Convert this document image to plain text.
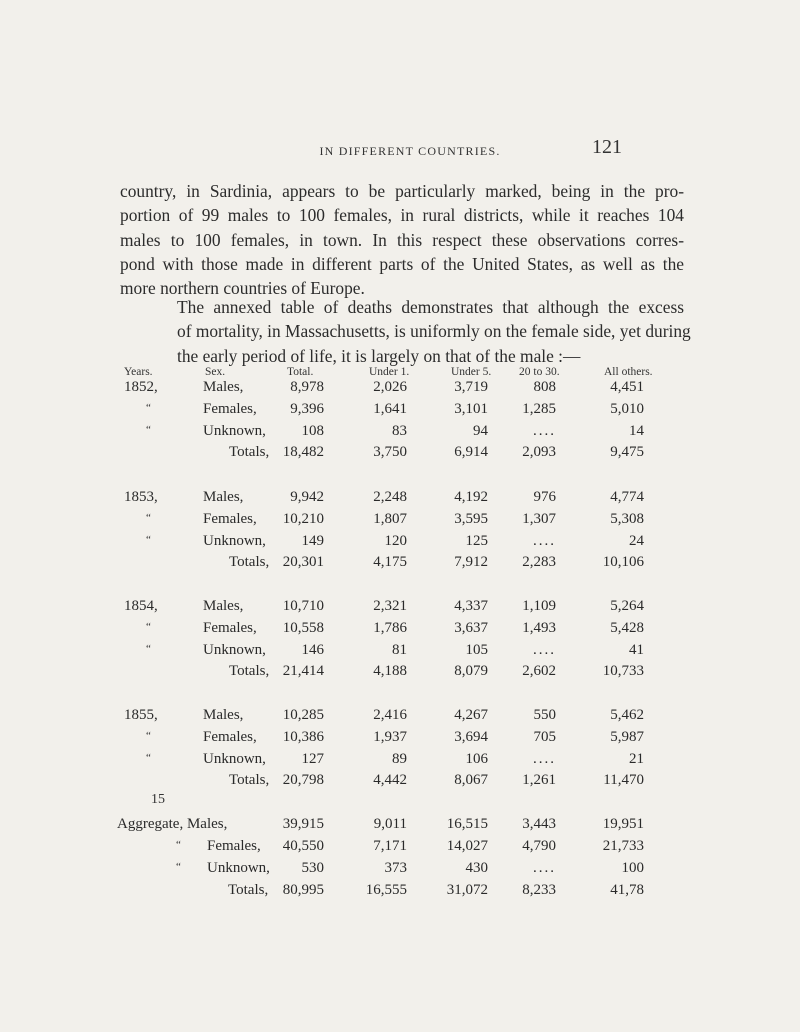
IN DIFFERENT COUNTRIES.	121
country, in Sardinia, appears to be particularly marked, being in the pro-
portion of 99 males to 100 females, in rural districts, while it reaches 104
males to 100 females, in town. In this respect these observations corres-
pond with those made in different parts of the United States, as well as the
more northern countries of Europe.
The annexed table of deaths demonstrates that although the excess
of mortality, in Massachusetts, is uniformly on the female side, yet during
the early period of life, it is largely on that of the male :—
Years.	Sex.	Total.	Under 1.	Under 5. 20 to 30.	All others.
1852,	Males,	8,978	2,026	3,719	808	4,451
“	Females, 9,396	1,641	3,101 1,285	5,010
“	Unknown, 108	83	94	....	14
Totals, 18,482	3,750	6,914 2,093	9,475
1853,	Males,	9,942	2,248	4,192	976	4,774
“	Females, 10,210	1,807	3,595 1,307	5,308
“	Unknown, 149	120	125	....	24
Totals, 20,301	4,175	7,912 2,283	10,106
1854,	Males,	10,710	2,321	4,337 1,109	5,264
“	Females, 10,558	1,786	3,637 1,493	5,428
“	Unknown, 146	81	105	....	41
Totals, 21,414	4,188	8,079 2,602	10,733
1855,	Males,	10,285	2,416	4,267	550	5,462
“	Females, 10,386	1,937	3,694	705	5,987
“	Unknown, 127	89	106	....	21
Totals, 20,798	4,442	8,067 1,261	11,470
Aggregate, Males,	39,915	9,011	16,515 3,443	19,951
“ Females, 40,550	7,171	14,027 4,790	21,733
“ Unknown, 530	373	430	....	100
Totals, 80,995	16,555	31,072 8,233	41,78
15
